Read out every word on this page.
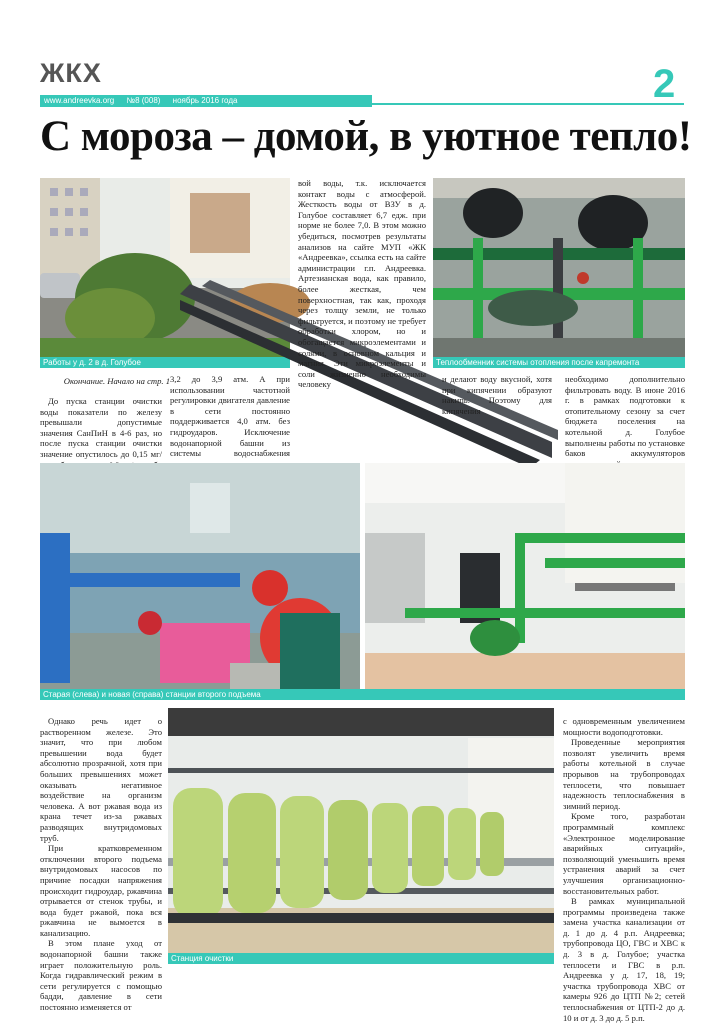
ЖКХ
www.andreevka.org №8 (008) ноябрь 2016 года	2
С мороза – домой, в уютное тепло!
Работы у д. 2 в д. Голубое
вой воды, т.к. исключается контакт воды с атмосферой. Жесткость воды от ВЗУ в д. Голубое составляет 6,7 едж. при норме не более 7,0. В этом можно убедиться, посмотрев результаты анализов на сайте МУП «ЖК «Андреевка», ссылка есть на сайте администрации г.п. Андреевка. Артезианская вода, как правило, более жесткая, чем поверхностная, так как, проходя через толщу земли, не только фильтруется, и поэтому не требует обработки хлором, но и обогащается микроэлементами и солями, в основном кальция и магния. Эти микроэлементы и соли жизненно необходимы человеку
Теплообменник системы отопления после капремонта
Окончание. Начало на стр. 1

До пуска станции очистки воды показатели по железу превышали допустимые значения СанПиН в 4-6 раз, но после пуска станции очистки значение опустилось до 0,15 мг/

3,2 до 3,9 атм. А при использовании частотной регулировки двигателя давление в сети постоянно поддерживается 4,0 атм. без гидроударов. Исключение водонапорной башни из системы водоснабжения

и делают воду вкусной, хотя при кипячении образуют накипь. Поэтому для кипячения

необходимо дополнительно фильтровать воду. В июне 2016 г. в рамках подготовки к отопительному сезону за счет бюджета поселения на котельной д. Голубое выполнены работы по установке баков аккумуляторов

Старая (слева) и новая (справа) станции второго подъема

Однако речь идет о растворенном железе. Это значит, что при любом превышении вода будет абсолютно прозрачной, хотя при больших превышениях может оказывать негативное воздействие на организм человека. А вот ржавая вода из крана течет из-за ржавых разводящих внутридомовых труб.

При кратковременном отключении второго подъема внутридомовых насосов по причине посадки напряжения происходит гидроудар, ржавчина отрывается от стенок трубы, и вода будет ржавой, пока вся ржавчина не вымоется в канализацию.

В этом плане уход от водонапорной башни также играет положительную роль. Когда гидравлический режим в сети регулируется с помощью бадди, давление в сети постоянно изменяется от

Станция очистки

с одновременным увеличением мощности водоподготовки.

Проведенные мероприятия позволят увеличить время работы котельной в случае прорывов на трубопроводах теплосети, что повышает надежность теплоснабжения в зимний период.

Кроме того, разработан программный комплекс «Электронное моделирование аварийных ситуаций», позволяющий уменьшить время устранения аварий за счет улучшения организационно-восстановительных работ.

В рамках муниципальной программы произведена также замена участка канализации от д. 1 до д. 4 р.п. Андреевка; трубопровода ЦО, ГВС и ХВС к д. 3 в д. Голубое; участка теплосети и ГВС в р.п. Андреевка у д. 17, 18, 19; участка трубопровода ХВС от камеры 926 до ЦТП №2; сетей теплоснабжения от ЦТП-2 до д. 10 и от д. 3 до д. 5 р.п.
